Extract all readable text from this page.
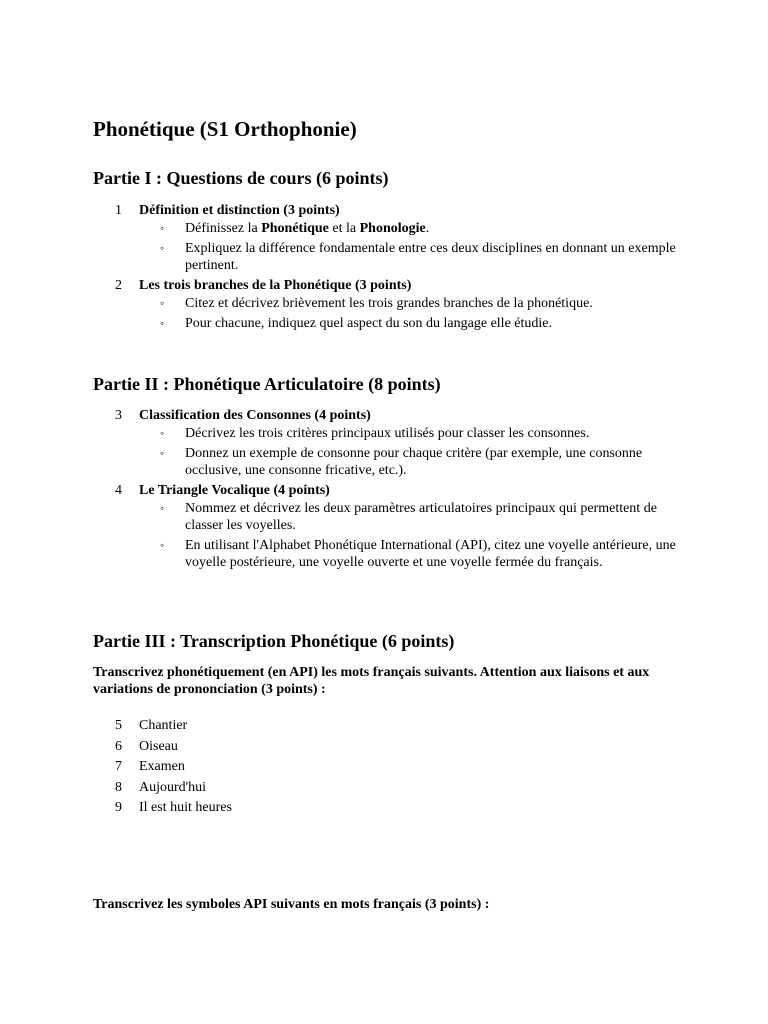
Phonétique (S1 Orthophonie)
Partie I : Questions de cours (6 points)
1 Définition et distinction (3 points)
◦ Définissez la Phonétique et la Phonologie.
◦ Expliquez la différence fondamentale entre ces deux disciplines en donnant un exemple pertinent.
2 Les trois branches de la Phonétique (3 points)
◦ Citez et décrivez brièvement les trois grandes branches de la phonétique.
◦ Pour chacune, indiquez quel aspect du son du langage elle étudie.
Partie II : Phonétique Articulatoire (8 points)
3 Classification des Consonnes (4 points)
◦ Décrivez les trois critères principaux utilisés pour classer les consonnes.
◦ Donnez un exemple de consonne pour chaque critère (par exemple, une consonne occlusive, une consonne fricative, etc.).
4 Le Triangle Vocalique (4 points)
◦ Nommez et décrivez les deux paramètres articulatoires principaux qui permettent de classer les voyelles.
◦ En utilisant l'Alphabet Phonétique International (API), citez une voyelle antérieure, une voyelle postérieure, une voyelle ouverte et une voyelle fermée du français.
Partie III : Transcription Phonétique (6 points)

Transcrivez phonétiquement (en API) les mots français suivants. Attention aux liaisons et aux variations de prononciation (3 points) :

5 Chantier
6 Oiseau
7 Examen
8 Aujourd'hui
9 Il est huit heures

Transcrivez les symboles API suivants en mots français (3 points) :
